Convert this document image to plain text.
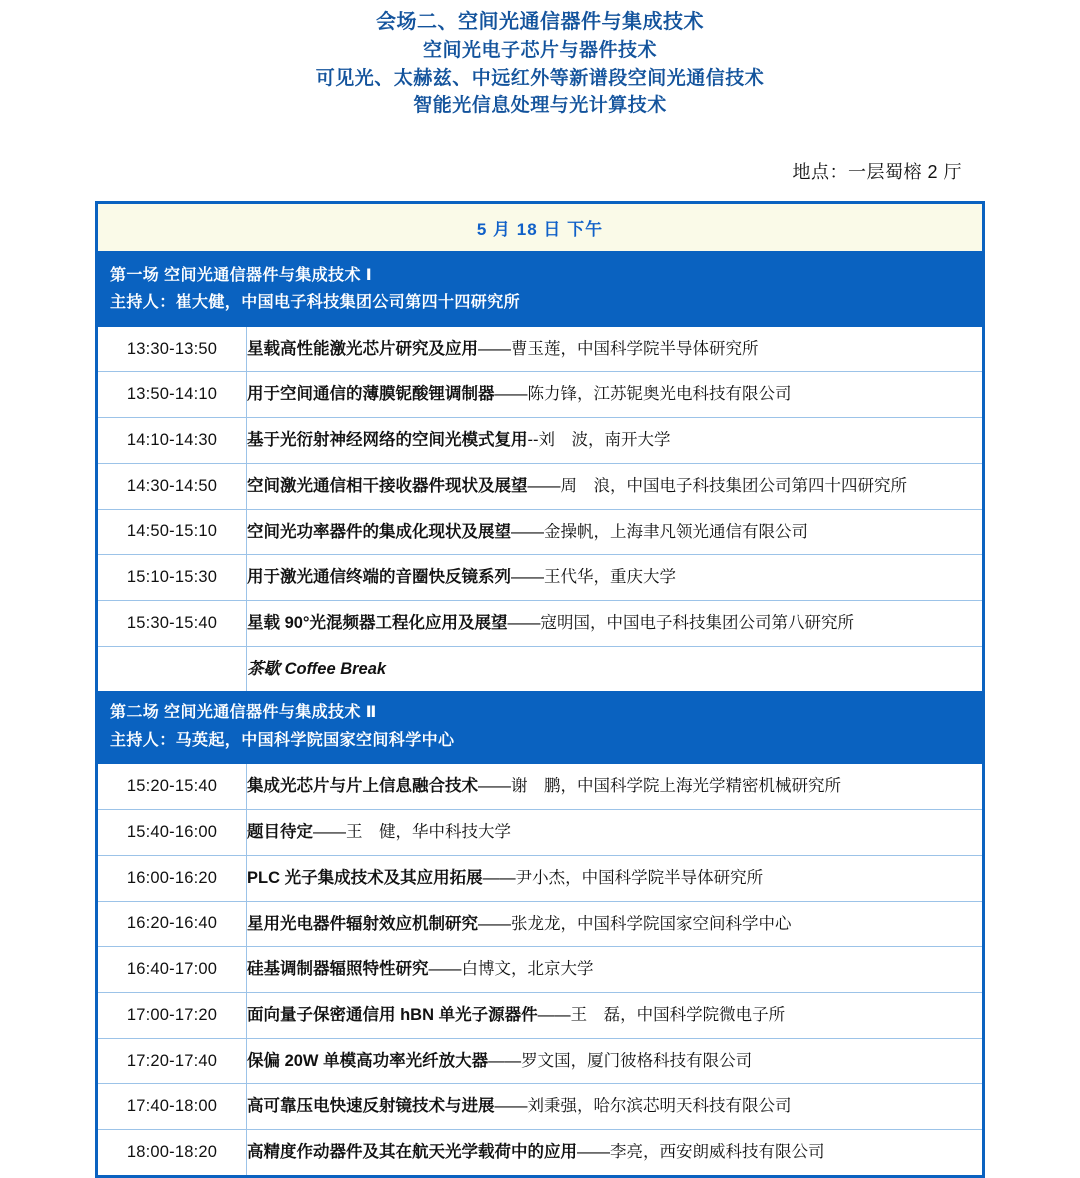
会场二、空间光通信器件与集成技术
空间光电子芯片与器件技术
可见光、太赫兹、中远红外等新谱段空间光通信技术
智能光信息处理与光计算技术
地点：一层蜀榕 2 厅
5 月 18 日 下午
第一场 空间光通信器件与集成技术 Ⅰ
主持人：崔大健，中国电子科技集团公司第四十四研究所
13:30-13:50	星载高性能激光芯片研究及应用——曹玉莲，中国科学院半导体研究所
13:50-14:10	用于空间通信的薄膜铌酸锂调制器——陈力锋，江苏铌奥光电科技有限公司
14:10-14:30	基于光衍射神经网络的空间光模式复用--刘　波，南开大学
14:30-14:50	空间激光通信相干接收器件现状及展望——周　浪，中国电子科技集团公司第四十四研究所
14:50-15:10	空间光功率器件的集成化现状及展望——金操帆，上海聿凡领光通信有限公司
15:10-15:30	用于激光通信终端的音圈快反镜系列——王代华，重庆大学
15:30-15:40	星载 90°光混频器工程化应用及展望——寇明国，中国电子科技集团公司第八研究所
	茶歇 Coffee Break
第二场 空间光通信器件与集成技术 Ⅱ
主持人：马英起，中国科学院国家空间科学中心
15:20-15:40	集成光芯片与片上信息融合技术——谢　鹏，中国科学院上海光学精密机械研究所
15:40-16:00	题目待定——王　健，华中科技大学
16:00-16:20	PLC 光子集成技术及其应用拓展——尹小杰，中国科学院半导体研究所
16:20-16:40	星用光电器件辐射效应机制研究——张龙龙，中国科学院国家空间科学中心
16:40-17:00	硅基调制器辐照特性研究——白博文，北京大学
17:00-17:20	面向量子保密通信用 hBN 单光子源器件——王　磊，中国科学院微电子所
17:20-17:40	保偏 20W 单模高功率光纤放大器——罗文国，厦门彼格科技有限公司
17:40-18:00	高可靠压电快速反射镜技术与进展——刘秉强，哈尔滨芯明天科技有限公司
18:00-18:20	高精度作动器件及其在航天光学载荷中的应用——李亮，西安朗威科技有限公司
